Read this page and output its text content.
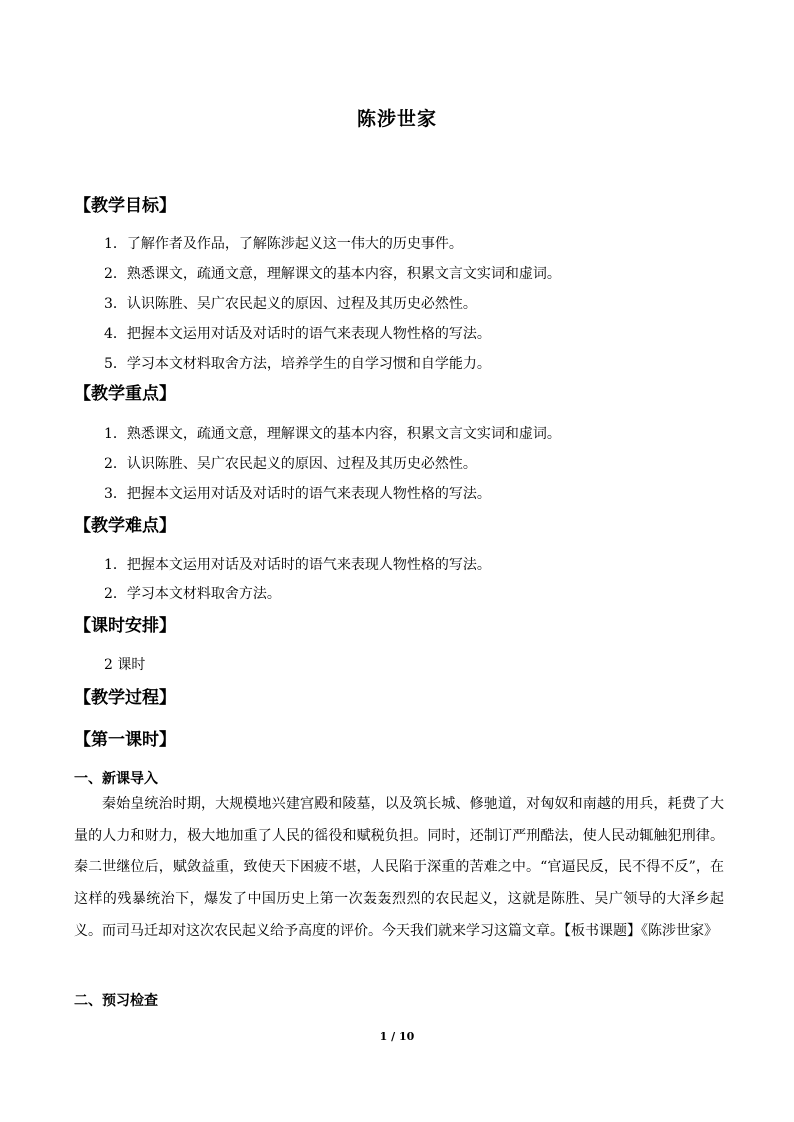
陈涉世家
【教学目标】
1．了解作者及作品，了解陈涉起义这一伟大的历史事件。
2．熟悉课文，疏通文意，理解课文的基本内容，积累文言文实词和虚词。
3．认识陈胜、吴广农民起义的原因、过程及其历史必然性。
4．把握本文运用对话及对话时的语气来表现人物性格的写法。
5．学习本文材料取舍方法，培养学生的自学习惯和自学能力。
【教学重点】
1．熟悉课文，疏通文意，理解课文的基本内容，积累文言文实词和虚词。
2．认识陈胜、吴广农民起义的原因、过程及其历史必然性。
3．把握本文运用对话及对话时的语气来表现人物性格的写法。
【教学难点】
1．把握本文运用对话及对话时的语气来表现人物性格的写法。
2．学习本文材料取舍方法。
【课时安排】
2 课时
【教学过程】
【第一课时】
一、新课导入
秦始皇统治时期，大规模地兴建宫殿和陵墓，以及筑长城、修驰道，对匈奴和南越的用兵，耗费了大量的人力和财力，极大地加重了人民的徭役和赋税负担。同时，还制订严刑酷法，使人民动辄触犯刑律。秦二世继位后，赋敛益重，致使天下困疲不堪，人民陷于深重的苦难之中。“官逼民反，民不得不反”，在这样的残暴统治下，爆发了中国历史上第一次轰轰烈烈的农民起义，这就是陈胜、吴广领导的大泽乡起义。而司马迁却对这次农民起义给予高度的评价。今天我们就来学习这篇文章。【板书课题】《陈涉世家》
二、预习检查
1 / 10
